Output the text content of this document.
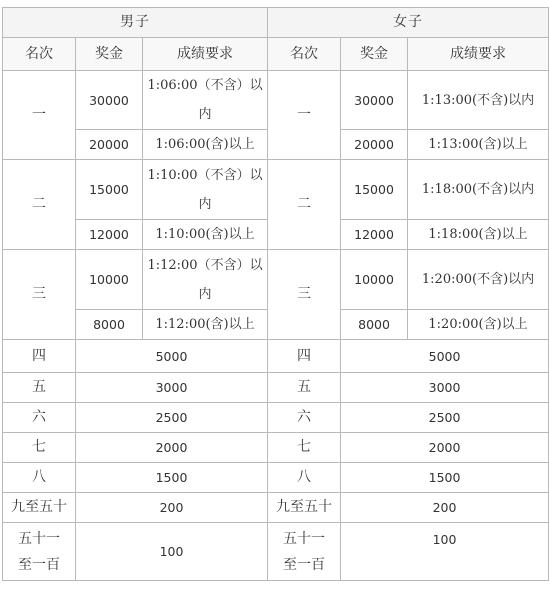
男子			女子		
名次	奖金	成绩要求	名次	奖金	成绩要求
一	30000	1:06:00（不含）以内	一	30000	1:13:00(不含)以内
	20000	1:06:00(含)以上		20000	1:13:00(含)以上
二	15000	1:10:00（不含）以内	二	15000	1:18:00(不含)以内
	12000	1:10:00(含)以上		12000	1:18:00(含)以上
三	10000	1:12:00（不含）以内	三	10000	1:20:00(不含)以内
	8000	1:12:00(含)以上		8000	1:20:00(含)以上
四	5000		四	5000	
五	3000		五	3000	
六	2500		六	2500	
七	2000		七	2000	
八	1500		八	1500	
九至五十	200		九至五十	200	
五十一至一百	100		五十一至一百	100	
